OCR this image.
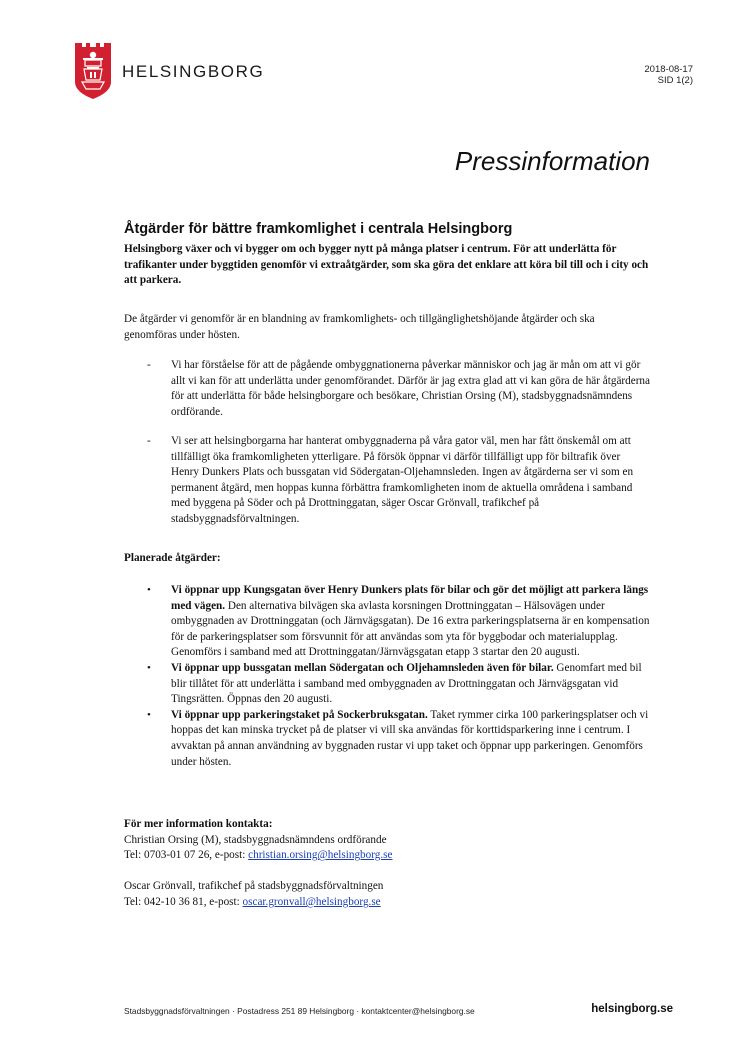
HELSINGBORG	2018-08-17
SID 1(2)
Pressinformation
Åtgärder för bättre framkomlighet i centrala Helsingborg

Helsingborg växer och vi bygger om och bygger nytt på många platser i centrum. För att underlätta för trafikanter under byggtiden genomför vi extraåtgärder, som ska göra det enklare att köra bil till och i city och att parkera.

De åtgärder vi genomför är en blandning av framkomlighets- och tillgänglighetshöjande åtgärder och ska genomföras under hösten.

- Vi har förståelse för att de pågående ombyggnationerna påverkar människor och jag är mån om att vi gör allt vi kan för att underlätta under genomförandet. Därför är jag extra glad att vi kan göra de här åtgärderna för att underlätta för både helsingborgare och besökare, Christian Orsing (M), stadsbyggnadsnämndens ordförande.
- Vi ser att helsingborgarna har hanterat ombyggnaderna på våra gator väl, men har fått önskemål om att tillfälligt öka framkomligheten ytterligare. På försök öppnar vi därför tillfälligt upp för biltrafik över Henry Dunkers Plats och bussgatan vid Södergatan-Oljehamnsleden. Ingen av åtgärderna ser vi som en permanent åtgärd, men hoppas kunna förbättra framkomligheten inom de aktuella områdena i samband med byggena på Söder och på Drottninggatan, säger Oscar Grönvall, trafikchef på stadsbyggnadsförvaltningen.
Planerade åtgärder:
• Vi öppnar upp Kungsgatan över Henry Dunkers plats för bilar och gör det möjligt att parkera längs med vägen. Den alternativa bilvägen ska avlasta korsningen Drottninggatan – Hälsovägen under ombyggnaden av Drottninggatan (och Järnvägsgatan). De 16 extra parkeringsplatserna är en kompensation för de parkeringsplatser som försvunnit för att användas som yta för byggbodar och materialupplag. Genomförs i samband med att Drottninggatan/Järnvägsgatan etapp 3 startar den 20 augusti.
• Vi öppnar upp bussgatan mellan Södergatan och Oljehamnsleden även för bilar. Genomfart med bil blir tillåtet för att underlätta i samband med ombyggnaden av Drottninggatan och Järnvägsgatan vid Tingsrätten. Öppnas den 20 augusti.
• Vi öppnar upp parkeringstaket på Sockerbruksgatan. Taket rymmer cirka 100 parkeringsplatser och vi hoppas det kan minska trycket på de platser vi vill ska användas för korttidsparkering inne i centrum. I avvaktan på annan användning av byggnaden rustar vi upp taket och öppnar upp parkeringen. Genomförs under hösten.
För mer information kontakta:
Christian Orsing (M), stadsbyggnadsnämndens ordförande
Tel: 0703-01 07 26, e-post: christian.orsing@helsingborg.se
Oscar Grönvall, trafikchef på stadsbyggnadsförvaltningen
Tel: 042-10 36 81, e-post: oscar.gronvall@helsingborg.se
Stadsbyggnadsförvaltningen · Postadress 251 89 Helsingborg · kontaktcenter@helsingborg.se	helsingborg.se
